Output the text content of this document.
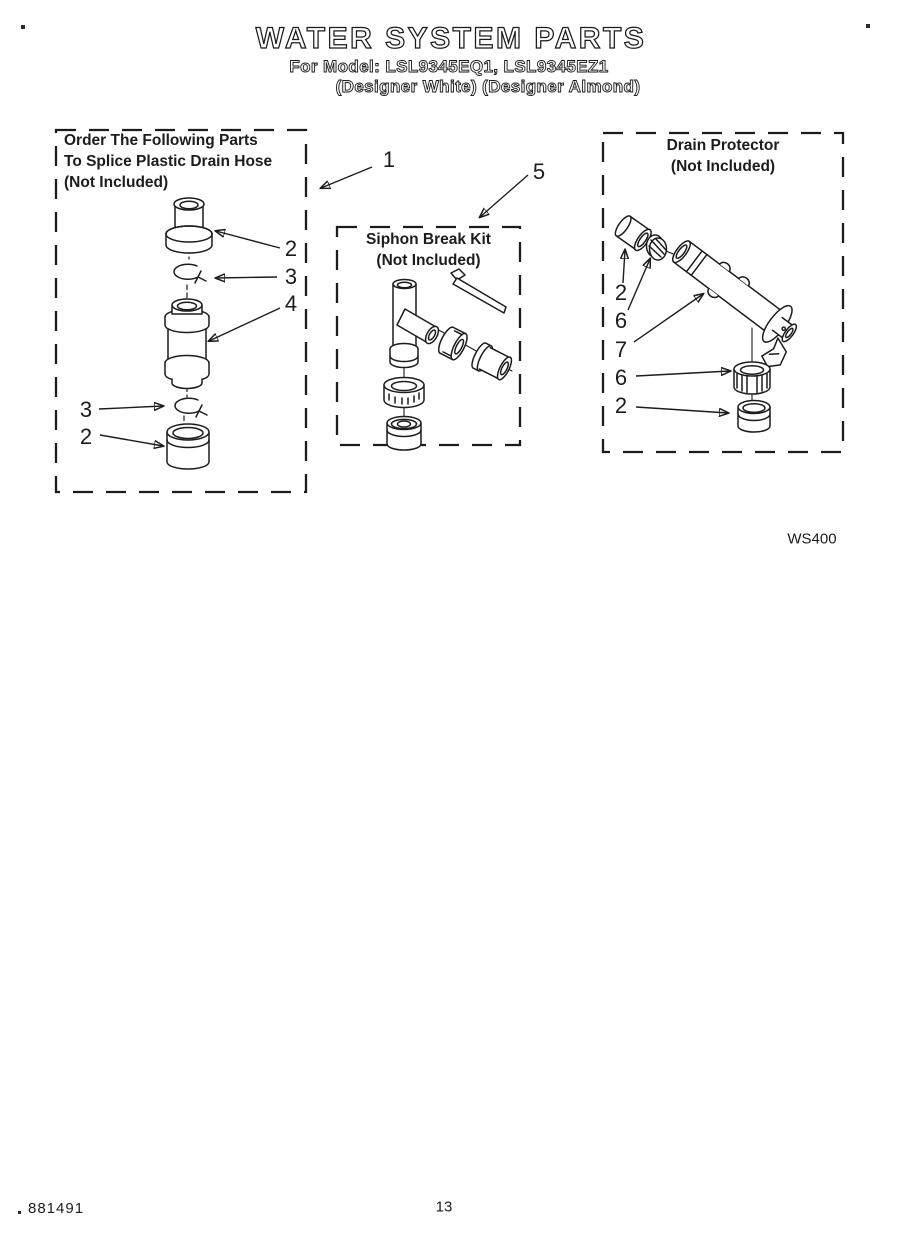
WATER SYSTEM PARTS
For Model: LSL9345EQ1, LSL9345EZ1
(Designer White) (Designer Almond)
Order The Following Parts
To Splice Plastic Drain Hose
(Not Included)
Siphon Break Kit
(Not Included)
Drain Protector
(Not Included)
1	5
2
3
4
3
2
2
6
7
6
2
WS400
881491	13
